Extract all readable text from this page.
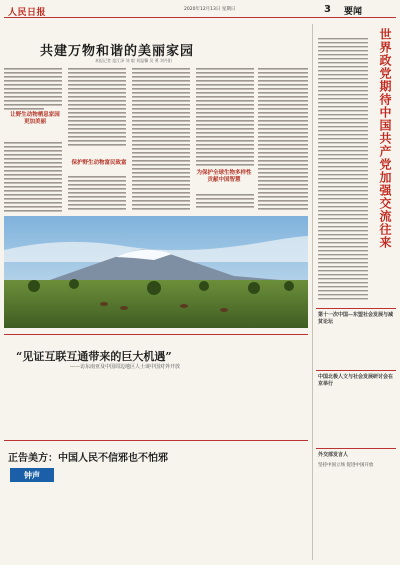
人民日报	2020年12月13日 星期日	3 要闻
共建万物和谐的美丽家园
本报记者 寇江泽 刘 毅 刘温馨 吴 勇 刘丹阳
让野生动物栖息家园更加美丽
保护野生动物富民致富
为保护全球生物多样性贡献中国智慧	世界政党期待中国共产党加强交流往来
第十一次中国—东盟社会发展与减贫论坛
中国北极人文与社会发展研讨会在京举行
外交部发言人
坚持中国立场 促进中国开放
“见证互联互通带来的巨大机遇”
——访东南亚及中国周边地区人士谈中国对外开放
正告美方：中国人民不信邪也不怕邪
钟声
